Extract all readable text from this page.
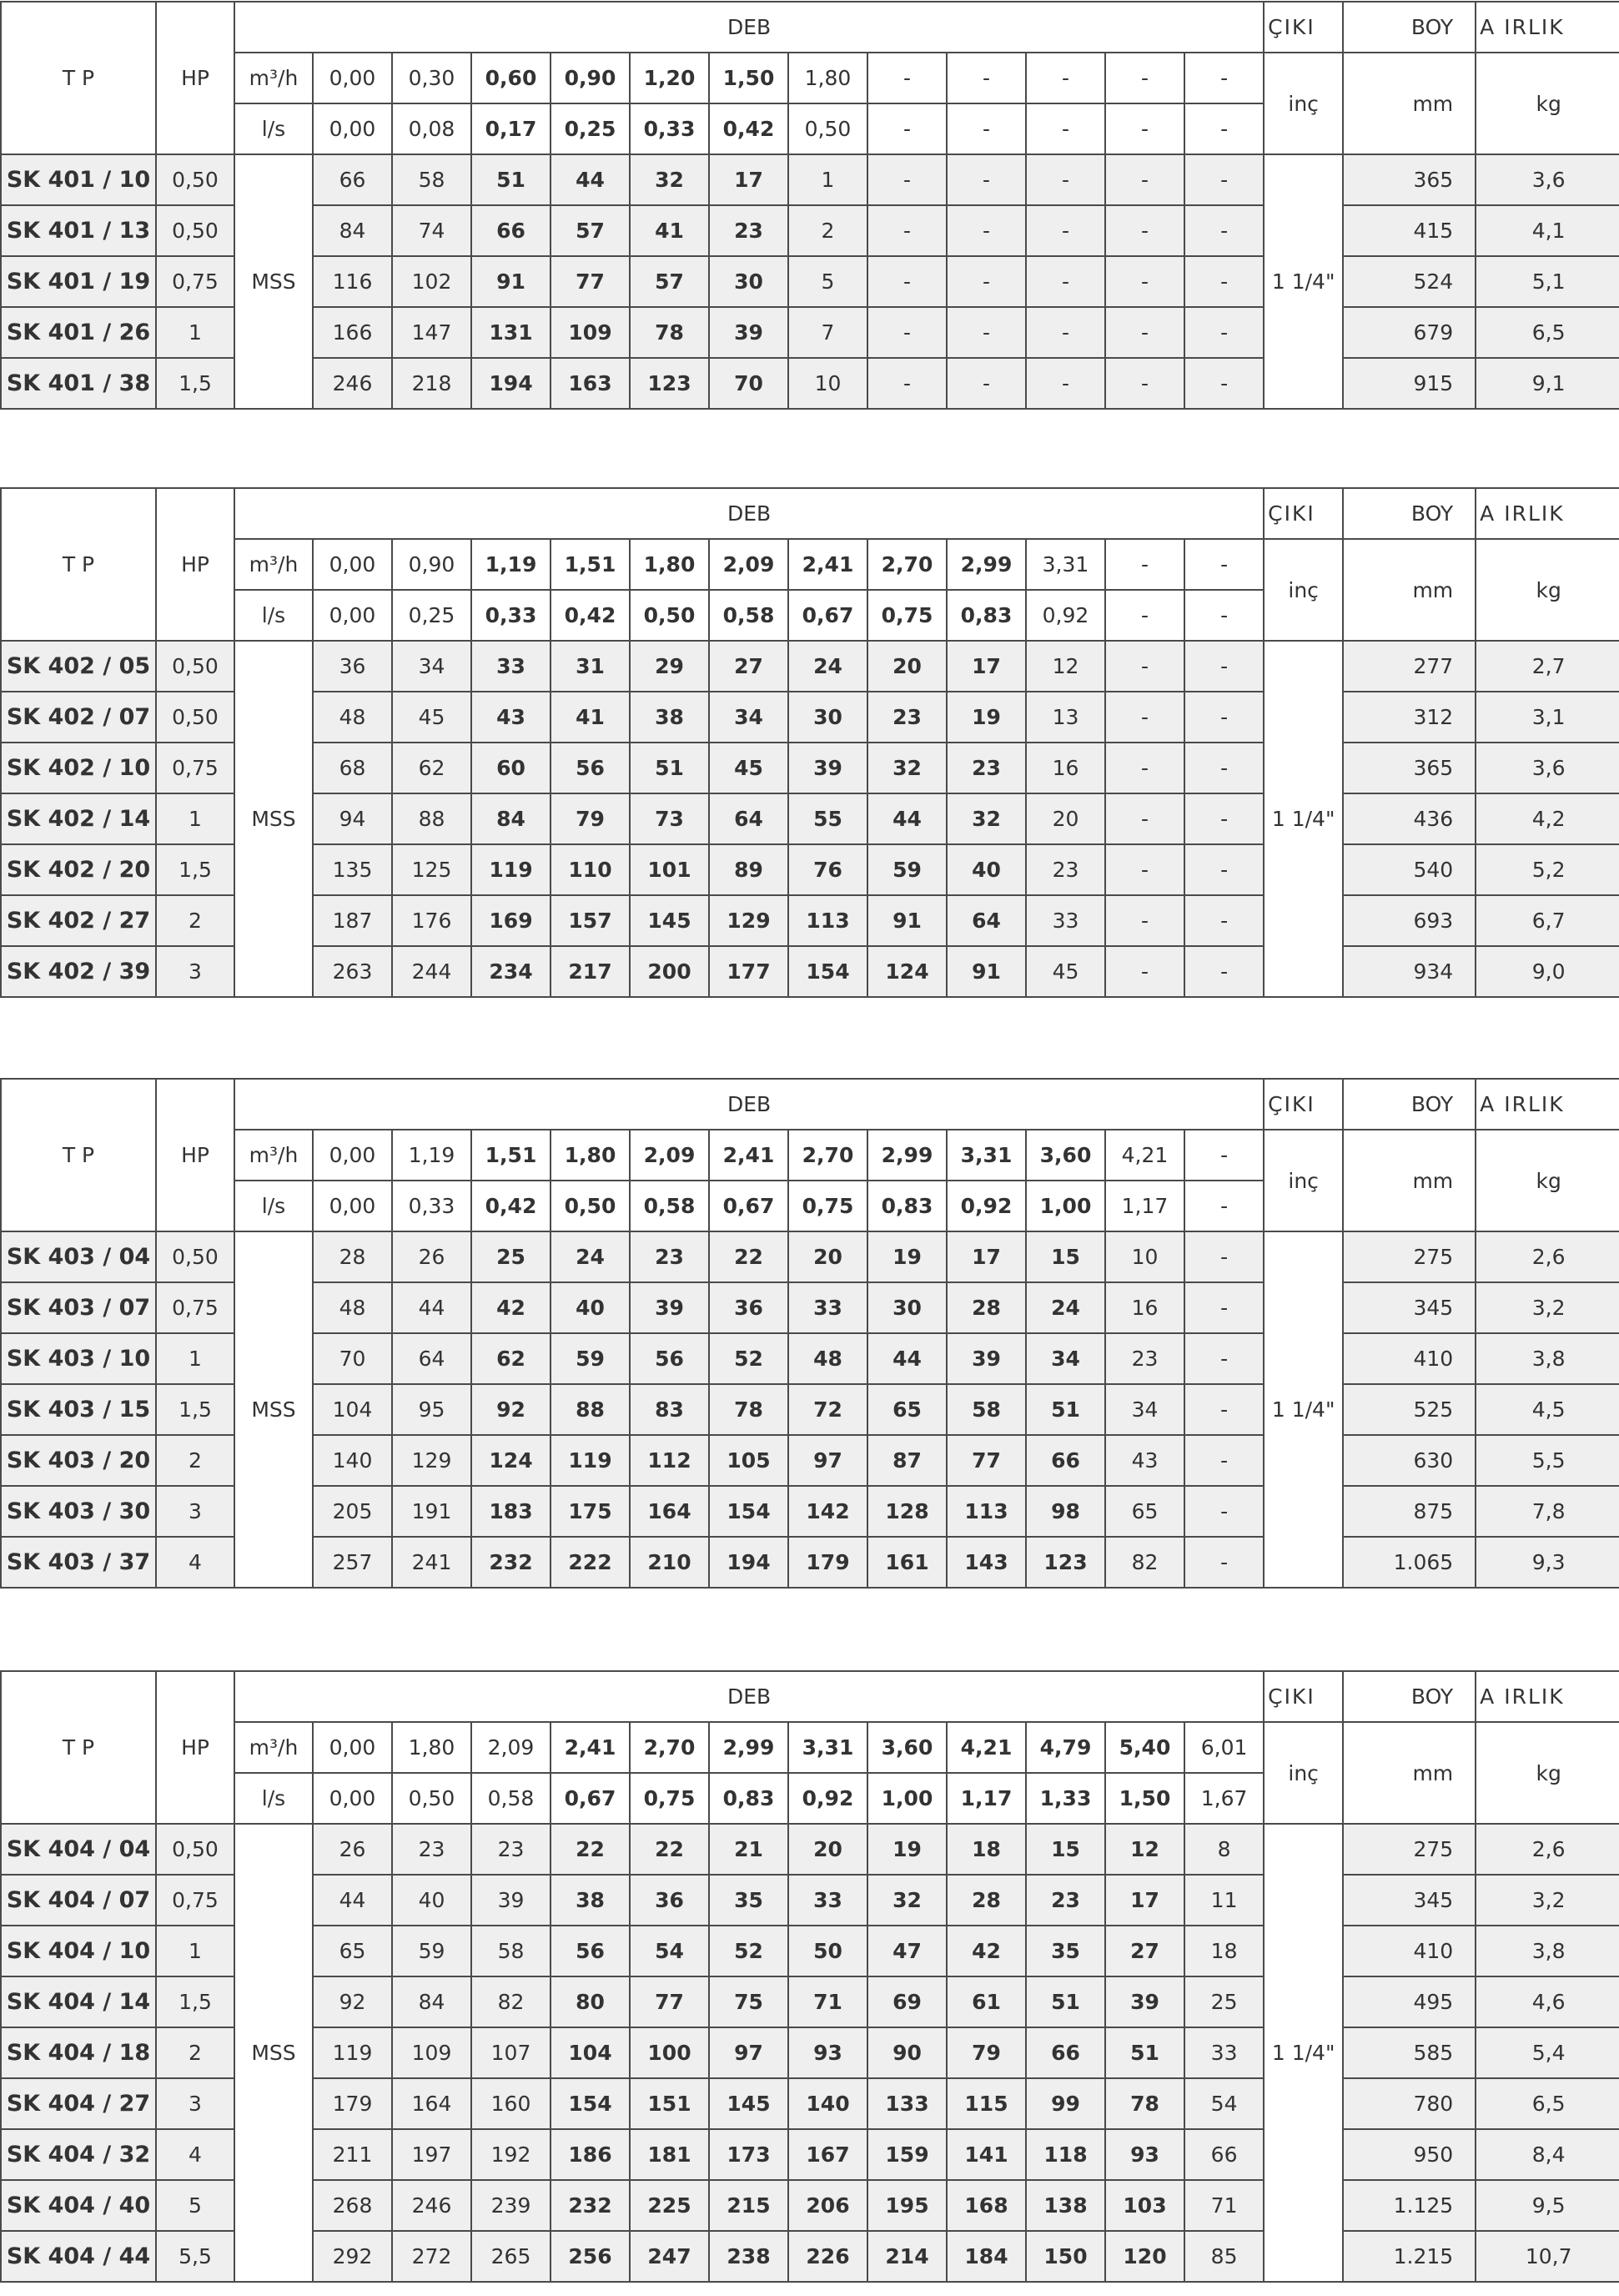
T P	HP	DEB													ÇIKI	BOY	A IRLIK
		m³/h	0,00	0,30	0,60	0,90	1,20	1,50	1,80	-	-	-	-	-	inç	mm	kg
		l/s	0,00	0,08	0,17	0,25	0,33	0,42	0,50	-	-	-	-	-			
SK 401 / 10	0,50	MSS	66	58	51	44	32	17	1	-	-	-	-	-	1 1/4"	365	3,6
SK 401 / 13	0,50		84	74	66	57	41	23	2	-	-	-	-	-		415	4,1
SK 401 / 19	0,75		116	102	91	77	57	30	5	-	-	-	-	-		524	5,1
SK 401 / 26	1		166	147	131	109	78	39	7	-	-	-	-	-		679	6,5
SK 401 / 38	1,5		246	218	194	163	123	70	10	-	-	-	-	-		915	9,1
T P	HP	DEB													ÇIKI	BOY	A IRLIK
		m³/h	0,00	0,90	1,19	1,51	1,80	2,09	2,41	2,70	2,99	3,31	-	-	inç	mm	kg
		l/s	0,00	0,25	0,33	0,42	0,50	0,58	0,67	0,75	0,83	0,92	-	-			
SK 402 / 05	0,50	MSS	36	34	33	31	29	27	24	20	17	12	-	-	1 1/4"	277	2,7
SK 402 / 07	0,50		48	45	43	41	38	34	30	23	19	13	-	-		312	3,1
SK 402 / 10	0,75		68	62	60	56	51	45	39	32	23	16	-	-		365	3,6
SK 402 / 14	1		94	88	84	79	73	64	55	44	32	20	-	-		436	4,2
SK 402 / 20	1,5		135	125	119	110	101	89	76	59	40	23	-	-		540	5,2
SK 402 / 27	2		187	176	169	157	145	129	113	91	64	33	-	-		693	6,7
SK 402 / 39	3		263	244	234	217	200	177	154	124	91	45	-	-		934	9,0
T P	HP	DEB													ÇIKI	BOY	A IRLIK
		m³/h	0,00	1,19	1,51	1,80	2,09	2,41	2,70	2,99	3,31	3,60	4,21	-	inç	mm	kg
		l/s	0,00	0,33	0,42	0,50	0,58	0,67	0,75	0,83	0,92	1,00	1,17	-			
SK 403 / 04	0,50	MSS	28	26	25	24	23	22	20	19	17	15	10	-	1 1/4"	275	2,6
SK 403 / 07	0,75		48	44	42	40	39	36	33	30	28	24	16	-		345	3,2
SK 403 / 10	1		70	64	62	59	56	52	48	44	39	34	23	-		410	3,8
SK 403 / 15	1,5		104	95	92	88	83	78	72	65	58	51	34	-		525	4,5
SK 403 / 20	2		140	129	124	119	112	105	97	87	77	66	43	-		630	5,5
SK 403 / 30	3		205	191	183	175	164	154	142	128	113	98	65	-		875	7,8
SK 403 / 37	4		257	241	232	222	210	194	179	161	143	123	82	-		1.065	9,3
T P	HP	DEB													ÇIKI	BOY	A IRLIK
		m³/h	0,00	1,80	2,09	2,41	2,70	2,99	3,31	3,60	4,21	4,79	5,40	6,01	inç	mm	kg
		l/s	0,00	0,50	0,58	0,67	0,75	0,83	0,92	1,00	1,17	1,33	1,50	1,67			
SK 404 / 04	0,50	MSS	26	23	23	22	22	21	20	19	18	15	12	8	1 1/4"	275	2,6
SK 404 / 07	0,75		44	40	39	38	36	35	33	32	28	23	17	11		345	3,2
SK 404 / 10	1		65	59	58	56	54	52	50	47	42	35	27	18		410	3,8
SK 404 / 14	1,5		92	84	82	80	77	75	71	69	61	51	39	25		495	4,6
SK 404 / 18	2		119	109	107	104	100	97	93	90	79	66	51	33		585	5,4
SK 404 / 27	3		179	164	160	154	151	145	140	133	115	99	78	54		780	6,5
SK 404 / 32	4		211	197	192	186	181	173	167	159	141	118	93	66		950	8,4
SK 404 / 40	5		268	246	239	232	225	215	206	195	168	138	103	71		1.125	9,5
SK 404 / 44	5,5		292	272	265	256	247	238	226	214	184	150	120	85		1.215	10,7
